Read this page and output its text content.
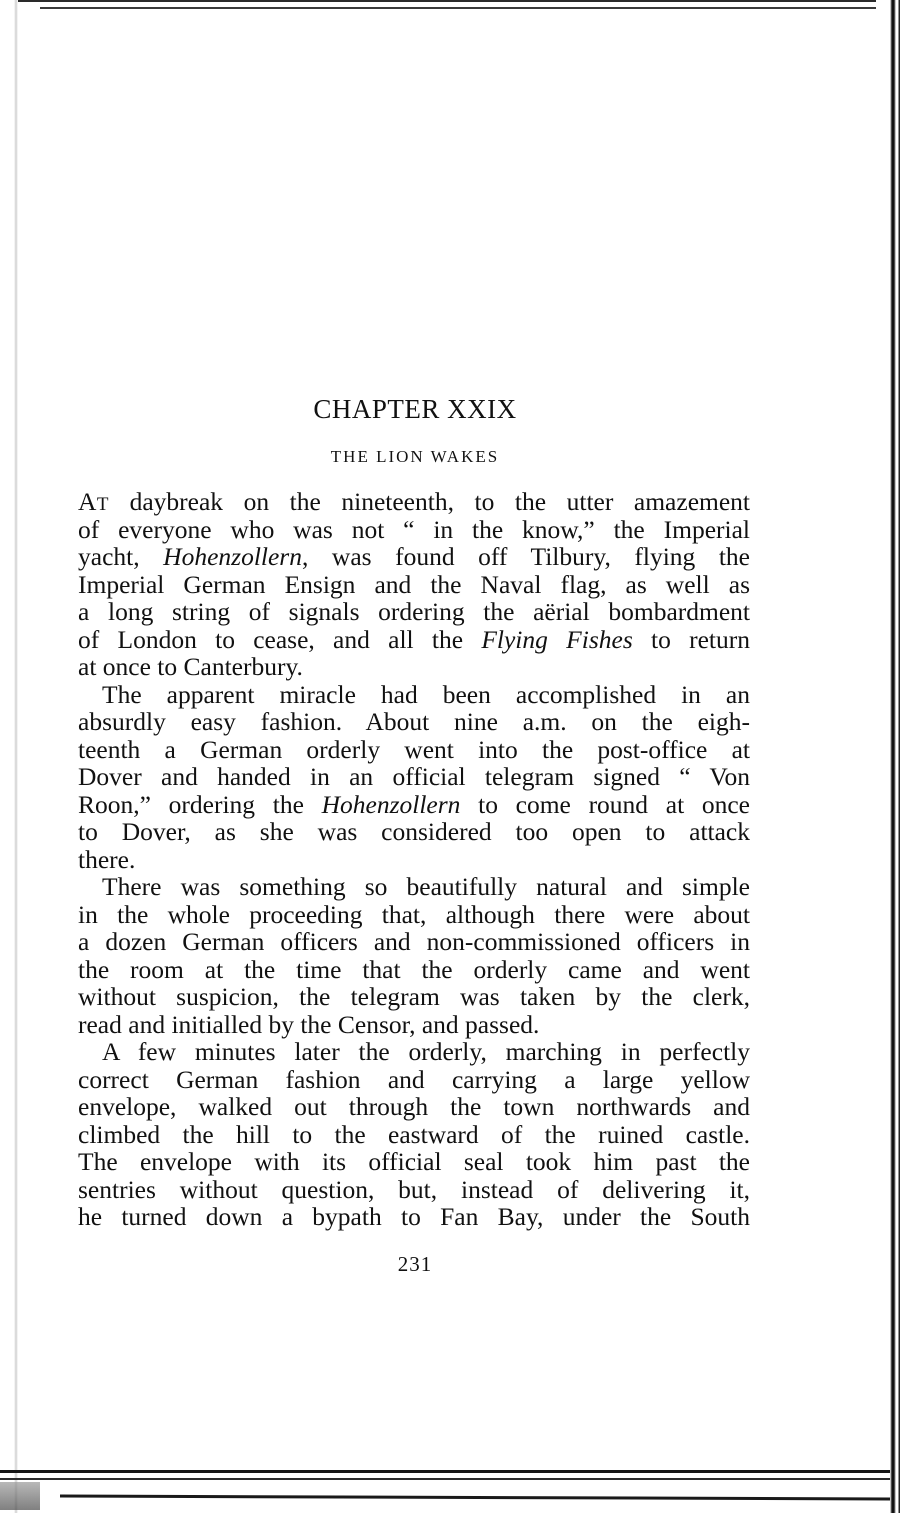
CHAPTER XXIX
THE LION WAKES
AT daybreak on the nineteenth, to the utter amazement
of everyone who was not “ in the know,” the Imperial
yacht, Hohenzollern, was found off Tilbury, flying the
Imperial German Ensign and the Naval flag, as well as
a long string of signals ordering the aërial bombardment
of London to cease, and all the Flying Fishes to return
at once to Canterbury.
The apparent miracle had been accomplished in an
absurdly easy fashion. About nine a.m. on the eigh-
teenth a German orderly went into the post-office at
Dover and handed in an official telegram signed “ Von
Roon,” ordering the Hohenzollern to come round at once
to Dover, as she was considered too open to attack
there.
There was something so beautifully natural and simple
in the whole proceeding that, although there were about
a dozen German officers and non-commissioned officers in
the room at the time that the orderly came and went
without suspicion, the telegram was taken by the clerk,
read and initialled by the Censor, and passed.
A few minutes later the orderly, marching in perfectly
correct German fashion and carrying a large yellow
envelope, walked out through the town northwards and
climbed the hill to the eastward of the ruined castle.
The envelope with its official seal took him past the
sentries without question, but, instead of delivering it,
he turned down a bypath to Fan Bay, under the South
231
